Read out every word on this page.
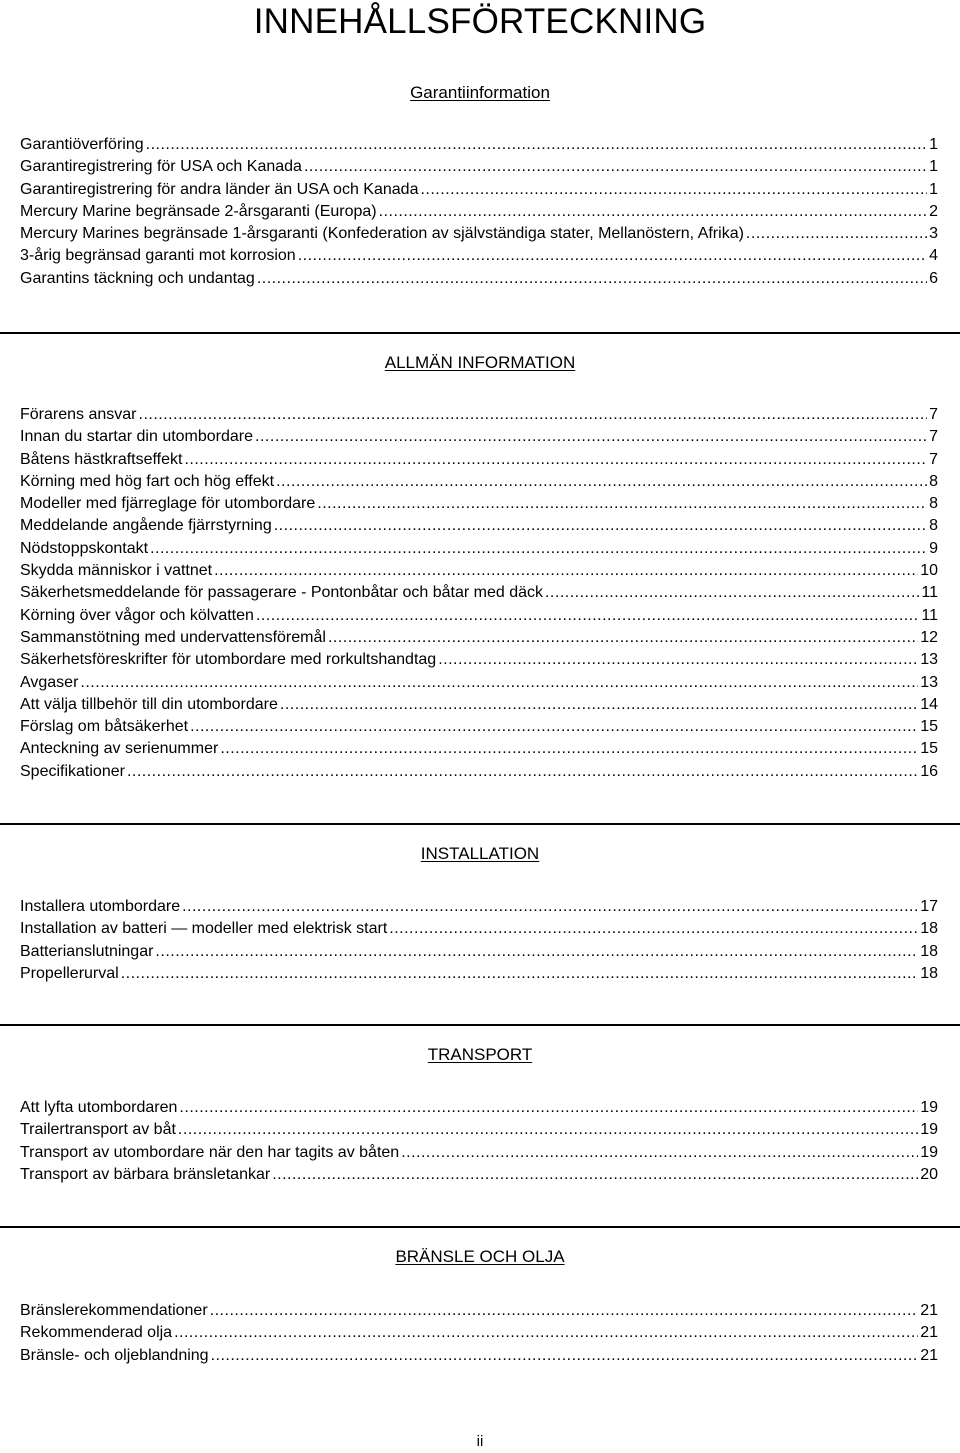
INNEHÅLLSFÖRTECKNING
Garantiinformation
Garantiöverföring .....	1
Garantiregistrering för USA och Kanada .....	1
Garantiregistrering för andra länder än USA och Kanada .....	1
Mercury Marine begränsade 2-årsgaranti (Europa) .....	2
Mercury Marines begränsade 1-årsgaranti (Konfederation av självständiga stater, Mellanöstern, Afrika) .....	3
3-årig begränsad garanti mot korrosion .....	4
Garantins täckning och undantag .....	6
ALLMÄN INFORMATION
Förarens ansvar .....	7
Innan du startar din utombordare .....	7
Båtens hästkraftseffekt .....	7
Körning med hög fart och hög effekt .....	8
Modeller med fjärreglage för utombordare .....	8
Meddelande angående fjärrstyrning .....	8
Nödstoppskontakt .....	9
Skydda människor i vattnet .....	10
Säkerhetsmeddelande för passagerare - Pontonbåtar och båtar med däck .....	11
Körning över vågor och kölvatten .....	11
Sammanstötning med undervattensföremål .....	12
Säkerhetsföreskrifter för utombordare med rorkultshandtag .....	13
Avgaser .....	13
Att välja tillbehör till din utombordare .....	14
Förslag om båtsäkerhet .....	15
Anteckning av serienummer .....	15
Specifikationer .....	16
INSTALLATION
Installera utombordare .....	17
Installation av batteri — modeller med elektrisk start .....	18
Batterianslutningar .....	18
Propellerurval .....	18
TRANSPORT
Att lyfta utombordaren .....	19
Trailertransport av båt .....	19
Transport av utombordare när den har tagits av båten .....	19
Transport av bärbara bränsletankar .....	20
BRÄNSLE OCH OLJA
Bränslerekommendationer .....	21
Rekommenderad olja .....	21
Bränsle- och oljeblandning .....	21
ii
